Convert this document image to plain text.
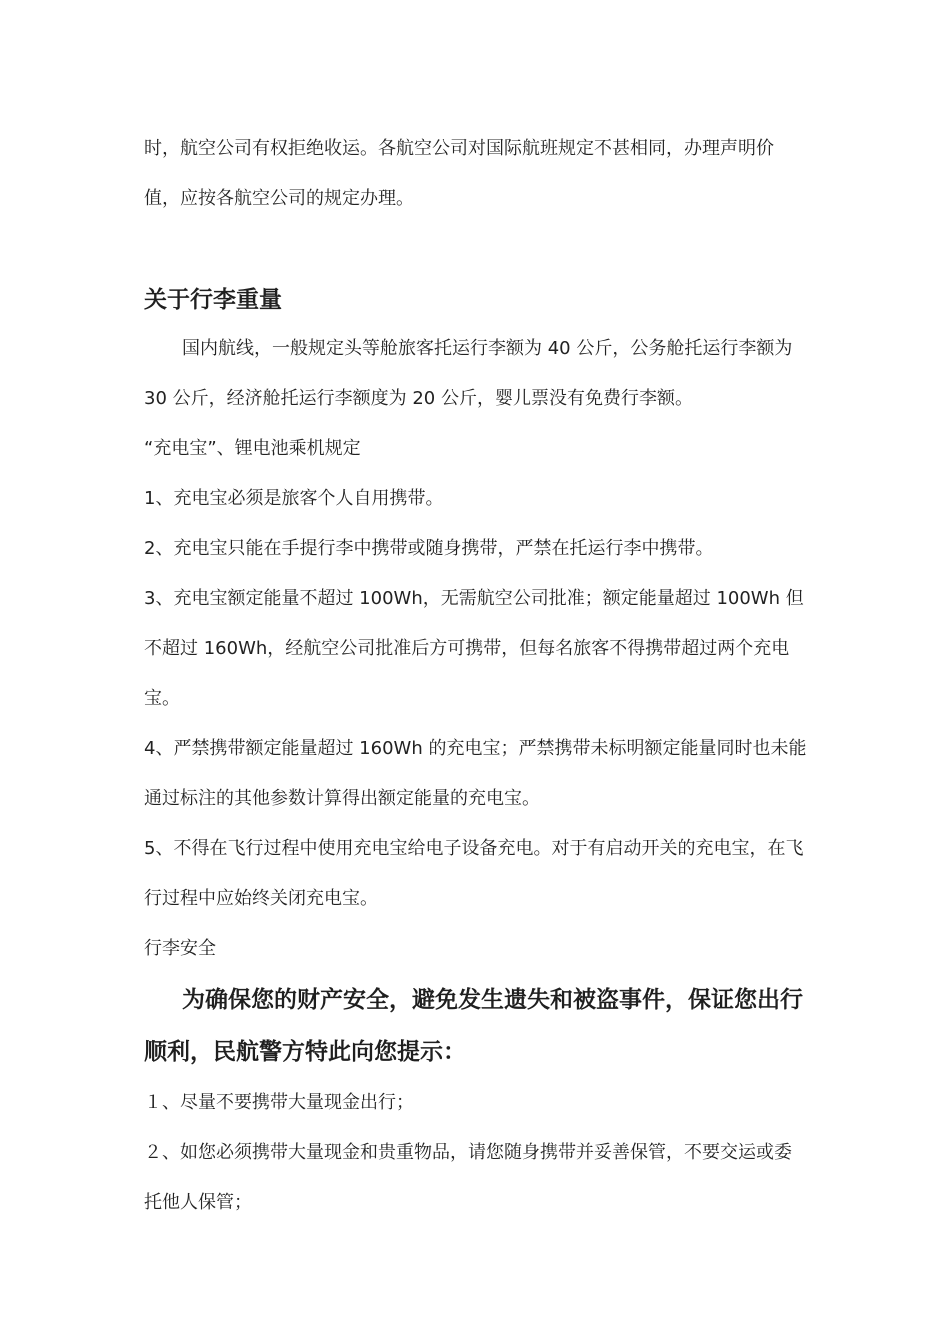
时，航空公司有权拒绝收运。各航空公司对国际航班规定不甚相同，办理声明价

值，应按各航空公司的规定办理。

关于行李重量

国内航线，一般规定头等舱旅客托运行李额为 40 公斤，公务舱托运行李额为 30 公斤，经济舱托运行李额度为 20 公斤，婴儿票没有免费行李额。

“充电宝”、锂电池乘机规定

1、充电宝必须是旅客个人自用携带。

2、充电宝只能在手提行李中携带或随身携带，严禁在托运行李中携带。

3、充电宝额定能量不超过 100Wh，无需航空公司批准；额定能量超过 100Wh 但不超过 160Wh，经航空公司批准后方可携带，但每名旅客不得携带超过两个充电宝。

4、严禁携带额定能量超过 160Wh 的充电宝；严禁携带未标明额定能量同时也未能通过标注的其他参数计算得出额定能量的充电宝。

5、不得在飞行过程中使用充电宝给电子设备充电。对于有启动开关的充电宝，在飞行过程中应始终关闭充电宝。

行李安全

为确保您的财产安全，避免发生遗失和被盗事件，保证您出行顺利，民航警方特此向您提示：

１、尽量不要携带大量现金出行；

２、如您必须携带大量现金和贵重物品，请您随身携带并妥善保管，不要交运或委托他人保管；
